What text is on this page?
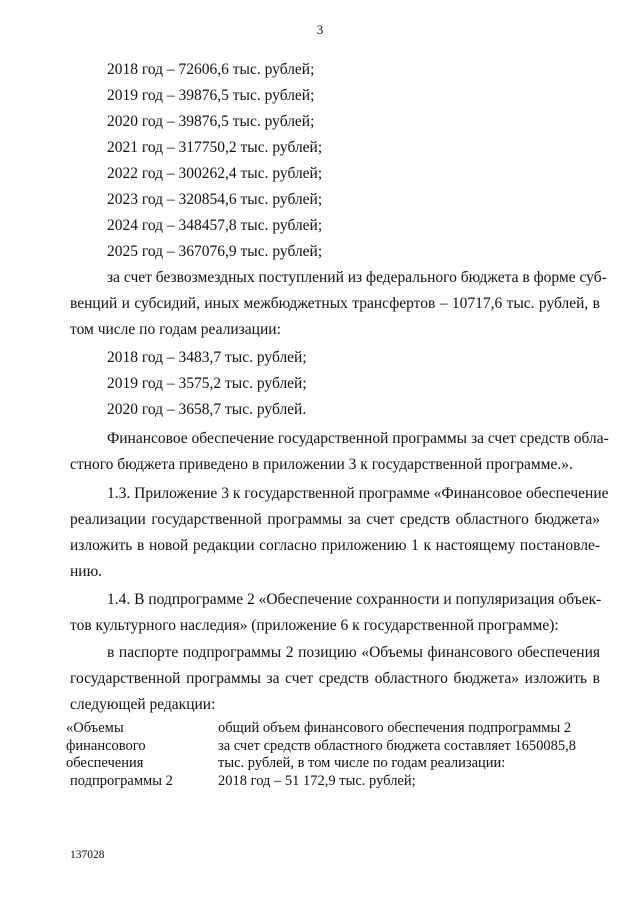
3
2018 год – 72606,6 тыс. рублей;
2019 год – 39876,5 тыс. рублей;
2020 год – 39876,5 тыс. рублей;
2021 год – 317750,2 тыс. рублей;
2022 год – 300262,4 тыс. рублей;
2023 год – 320854,6 тыс. рублей;
2024 год – 348457,8 тыс. рублей;
2025 год – 367076,9 тыс. рублей;
за счет безвозмездных поступлений из федерального бюджета в форме суб-
венций и субсидий, иных межбюджетных трансфертов – 10717,6 тыс. рублей, в
том числе по годам реализации:
2018 год – 3483,7 тыс. рублей;
2019 год – 3575,2 тыс. рублей;
2020 год – 3658,7 тыс. рублей.
Финансовое обеспечение государственной программы за счет средств обла-
стного бюджета приведено в приложении 3 к государственной программе.».
1.3. Приложение 3 к государственной программе «Финансовое обеспечение
реализации государственной программы за счет средств областного бюджета»
изложить в новой редакции согласно приложению 1 к настоящему постановле-
нию.
1.4. В подпрограмме 2 «Обеспечение сохранности и популяризация объек-
тов культурного наследия» (приложение 6 к государственной программе):
в паспорте подпрограммы 2 позицию «Объемы финансового обеспечения
государственной программы за счет средств областного бюджета» изложить в
следующей редакции:
«Объемы
финансового
обеспечения
подпрограммы 2
общий объем финансового обеспечения подпрограммы 2
за счет средств областного бюджета составляет 1650085,8
тыс. рублей, в том числе по годам реализации:
2018 год – 51 172,9 тыс. рублей;
137028
